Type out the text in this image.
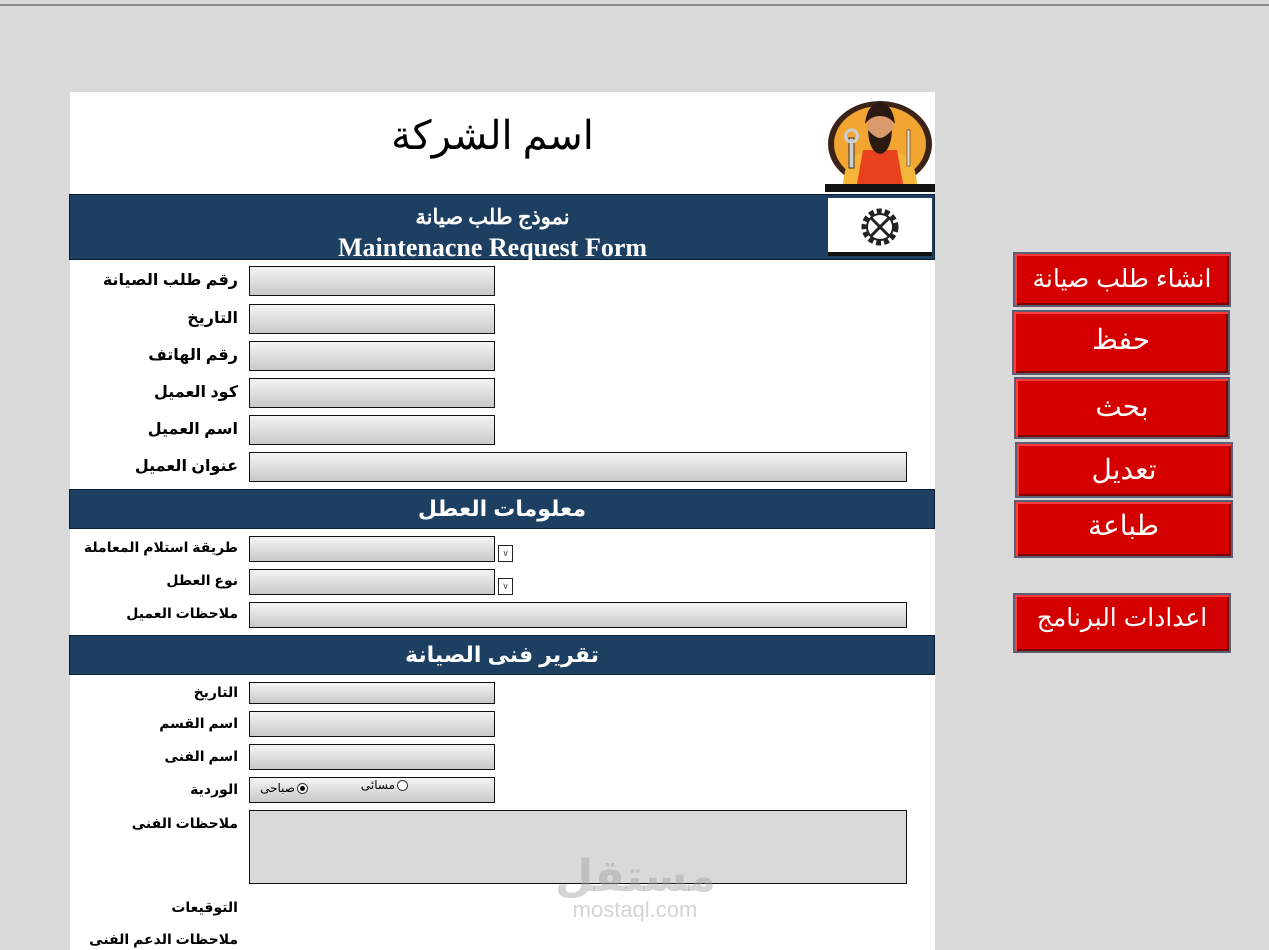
اسم الشركة
نموذج طلب صيانة
Maintenacne Request Form
رقم طلب الصيانة
التاريخ
رقم الهاتف
كود العميل
اسم العميل
عنوان العميل
معلومات العطل
طريقة استلام المعاملة	∨
نوع العطل	∨
ملاحظات العميل
تقرير فنى الصيانة
التاريخ
اسم القسم
اسم الفنى
الوردية صباحى	مسائى
ملاحظات الفنى
التوقيعات
ملاحظات الدعم الفنى
مستقل
mostaql.com
انشاء طلب صيانة
حفظ
بحث
تعديل
طباعة
اعدادات البرنامج
